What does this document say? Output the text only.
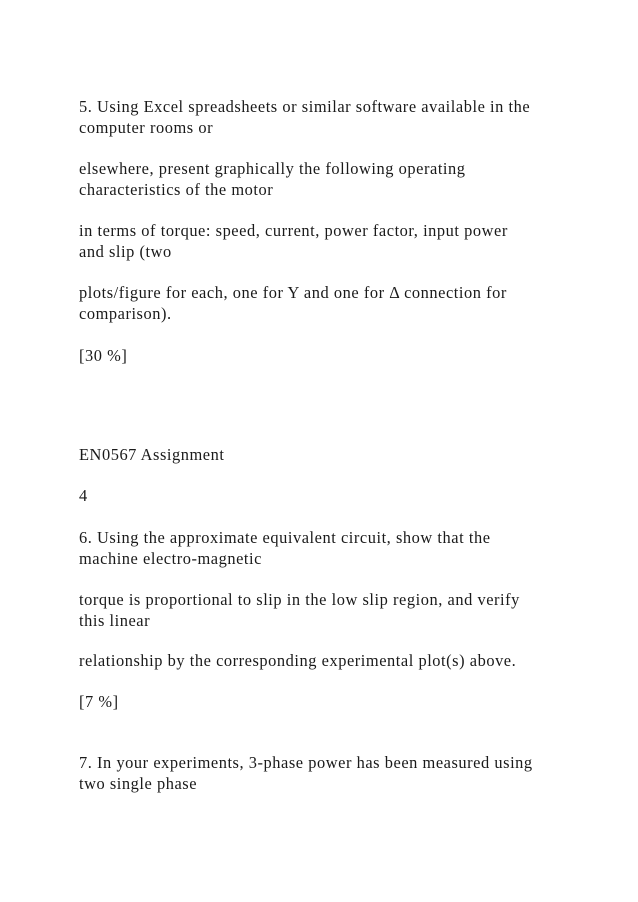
5. Using Excel spreadsheets or similar software available in the
computer rooms or

elsewhere, present graphically the following operating
characteristics of the motor

in terms of torque: speed, current, power factor, input power
and slip (two

plots/figure for each, one for Y and one for Δ connection for
comparison).

[30 %]

EN0567 Assignment

4

6. Using the approximate equivalent circuit, show that the
machine electro-magnetic

torque is proportional to slip in the low slip region, and verify
this linear

relationship by the corresponding experimental plot(s) above.

[7 %]

7. In your experiments, 3-phase power has been measured using
two single phase
